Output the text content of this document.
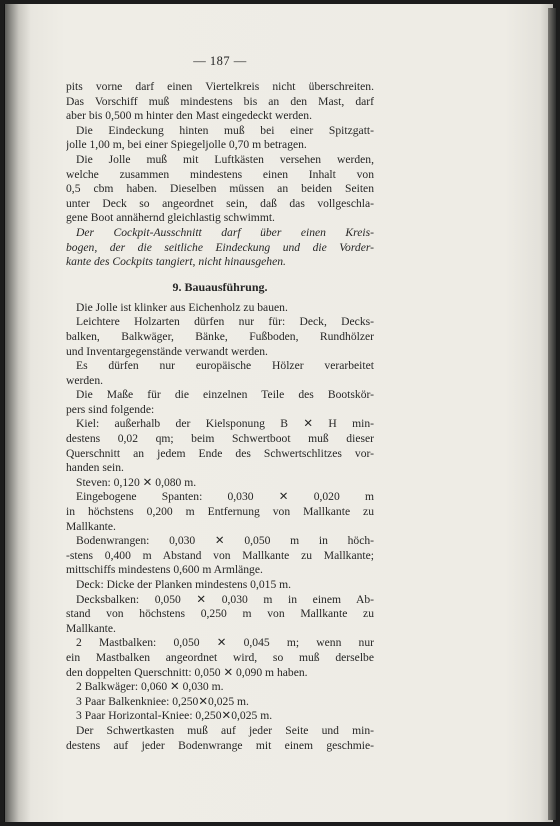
— 187 —
pits vorne darf einen Viertelkreis nicht überschreiten.
Das Vorschiff muß mindestens bis an den Mast, darf
aber bis 0,500 m hinter den Mast eingedeckt werden.
Die Eindeckung hinten muß bei einer Spitzgatt-
jolle 1,00 m, bei einer Spiegeljolle 0,70 m betragen.
Die Jolle muß mit Luftkästen versehen werden,
welche zusammen mindestens einen Inhalt von
0,5 cbm haben. Dieselben müssen an beiden Seiten
unter Deck so angeordnet sein, daß das vollgeschla-
gene Boot annähernd gleichlastig schwimmt.
Der Cockpit-Ausschnitt darf über einen Kreis-
bogen, der die seitliche Eindeckung und die Vorder-
kante des Cockpits tangiert, nicht hinausgehen.
9. Bauausführung.
Die Jolle ist klinker aus Eichenholz zu bauen.
Leichtere Holzarten dürfen nur für: Deck, Decks-
balken, Balkwäger, Bänke, Fußboden, Rundhölzer
und Inventargegenstände verwandt werden.
Es dürfen nur europäische Hölzer verarbeitet
werden.
Die Maße für die einzelnen Teile des Bootskör-
pers sind folgende:
Kiel: außerhalb der Kielsponung B ✕ H min-
destens 0,02 qm; beim Schwertboot muß dieser
Querschnitt an jedem Ende des Schwertschlitzes vor-
handen sein.
Steven: 0,120 ✕ 0,080 m.
Eingebogene Spanten: 0,030 ✕ 0,020 m
in höchstens 0,200 m Entfernung von Mallkante zu
Mallkante.
Bodenwrangen: 0,030 ✕ 0,050 m in höch-
-stens 0,400 m Abstand von Mallkante zu Mallkante;
mittschiffs mindestens 0,600 m Armlänge.
Deck: Dicke der Planken mindestens 0,015 m.
Decksbalken: 0,050 ✕ 0,030 m in einem Ab-
stand von höchstens 0,250 m von Mallkante zu
Mallkante.
2 Mastbalken: 0,050 ✕ 0,045 m; wenn nur
ein Mastbalken angeordnet wird, so muß derselbe
den doppelten Querschnitt: 0,050 ✕ 0,090 m haben.
2 Balkwäger: 0,060 ✕ 0,030 m.
3 Paar Balkenkniee: 0,250✕0,025 m.
3 Paar Horizontal-Kniee: 0,250✕0,025 m.
Der Schwertkasten muß auf jeder Seite und min-
destens auf jeder Bodenwrange mit einem geschmie-
